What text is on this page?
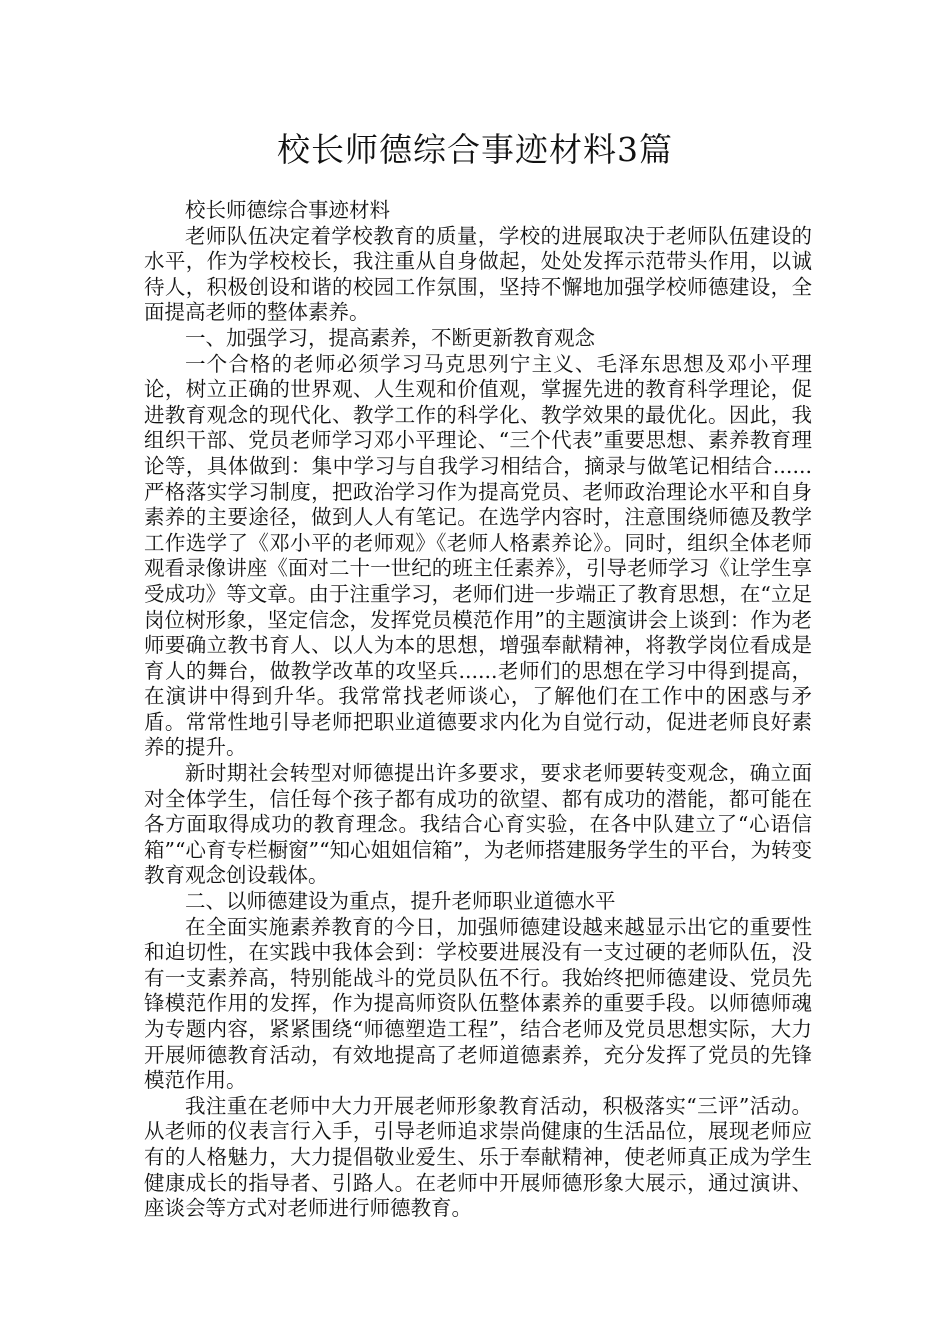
校长师德综合事迹材料3篇

校长师德综合事迹材料

老师队伍决定着学校教育的质量，学校的进展取决于老师队伍建设的水平，作为学校校长，我注重从自身做起，处处发挥示范带头作用，以诚待人，积极创设和谐的校园工作氛围，坚持不懈地加强学校师德建设，全面提高老师的整体素养。

一、加强学习，提高素养，不断更新教育观念

一个合格的老师必须学习马克思列宁主义、毛泽东思想及邓小平理论，树立正确的世界观、人生观和价值观，掌握先进的教育科学理论，促进教育观念的现代化、教学工作的科学化、教学效果的最优化。因此，我组织干部、党员老师学习邓小平理论、“三个代表”重要思想、素养教育理论等，具体做到：集中学习与自我学习相结合，摘录与做笔记相结合......严格落实学习制度，把政治学习作为提高党员、老师政治理论水平和自身素养的主要途径，做到人人有笔记。在选学内容时，注意围绕师德及教学工作选学了《邓小平的老师观》《老师人格素养论》。同时，组织全体老师观看录像讲座《面对二十一世纪的班主任素养》，引导老师学习《让学生享受成功》等文章。由于注重学习，老师们进一步端正了教育思想，在“立足岗位树形象，坚定信念，发挥党员模范作用”的主题演讲会上谈到：作为老师要确立教书育人、以人为本的思想，增强奉献精神，将教学岗位看成是育人的舞台，做教学改革的攻坚兵......老师们的思想在学习中得到提高，在演讲中得到升华。我常常找老师谈心，了解他们在工作中的困惑与矛盾。常常性地引导老师把职业道德要求内化为自觉行动，促进老师良好素养的提升。

新时期社会转型对师德提出许多要求，要求老师要转变观念，确立面对全体学生，信任每个孩子都有成功的欲望、都有成功的潜能，都可能在各方面取得成功的教育理念。我结合心育实验，在各中队建立了“心语信箱”“心育专栏橱窗”“知心姐姐信箱”，为老师搭建服务学生的平台，为转变教育观念创设载体。

二、以师德建设为重点，提升老师职业道德水平

在全面实施素养教育的今日，加强师德建设越来越显示出它的重要性和迫切性，在实践中我体会到：学校要进展没有一支过硬的老师队伍，没有一支素养高，特别能战斗的党员队伍不行。我始终把师德建设、党员先锋模范作用的发挥，作为提高师资队伍整体素养的重要手段。以师德师魂为专题内容，紧紧围绕“师德塑造工程”，结合老师及党员思想实际，大力开展师德教育活动，有效地提高了老师道德素养，充分发挥了党员的先锋模范作用。

我注重在老师中大力开展老师形象教育活动，积极落实“三评”活动。从老师的仪表言行入手，引导老师追求崇尚健康的生活品位，展现老师应有的人格魅力，大力提倡敬业爱生、乐于奉献精神，使老师真正成为学生健康成长的指导者、引路人。在老师中开展师德形象大展示，通过演讲、座谈会等方式对老师进行师德教育。
